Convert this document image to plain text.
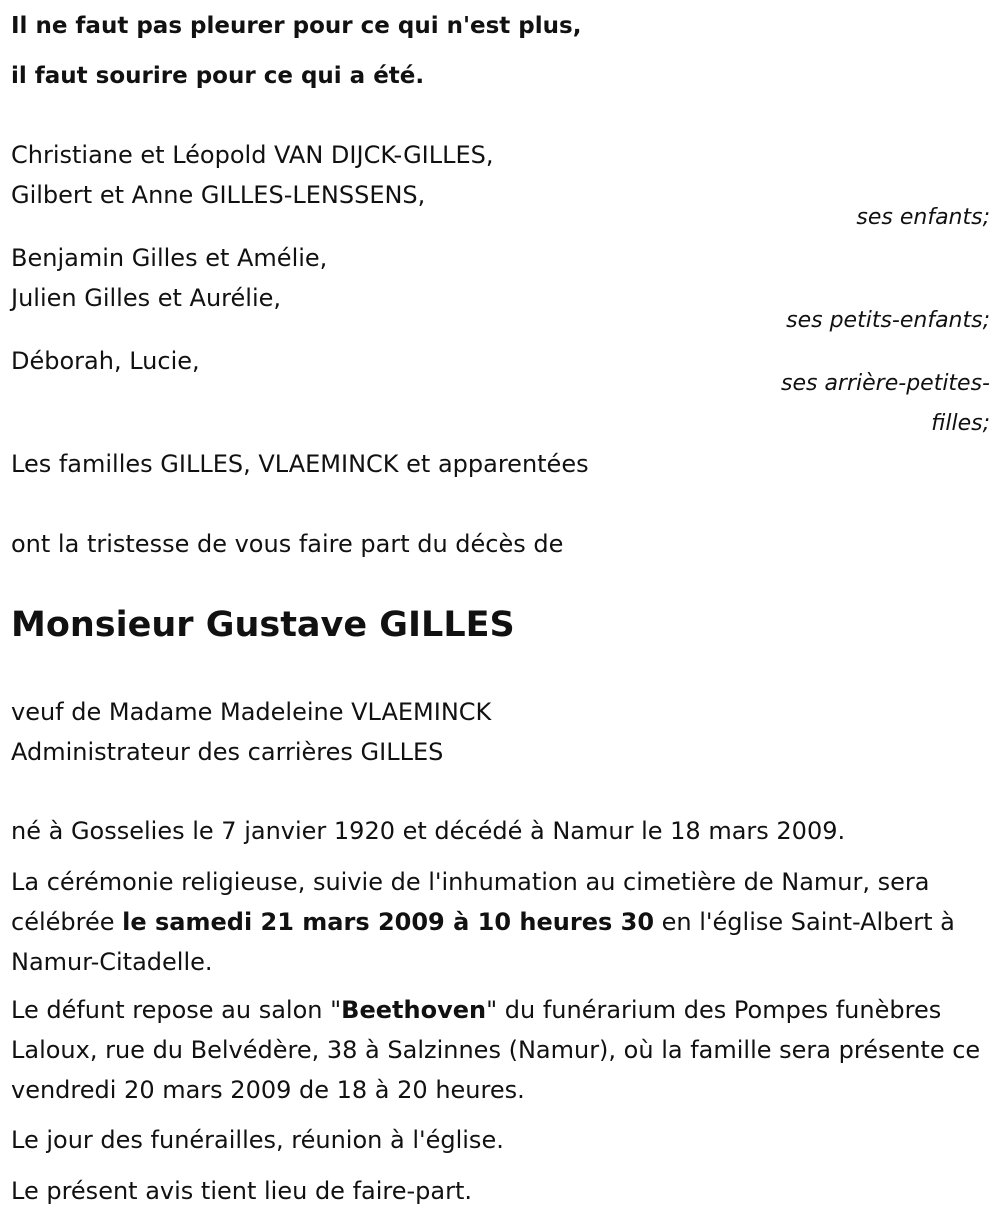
Il ne faut pas pleurer pour ce qui n'est plus,
il faut sourire pour ce qui a été.
Christiane et Léopold VAN DIJCK-GILLES,
Gilbert et Anne GILLES-LENSSENS,
ses enfants;
Benjamin Gilles et Amélie,
Julien Gilles et Aurélie,
ses petits-enfants;
Déborah, Lucie,
ses arrière-petites-
filles;
Les familles GILLES, VLAEMINCK et apparentées
ont la tristesse de vous faire part du décès de
Monsieur Gustave GILLES
veuf de Madame Madeleine VLAEMINCK
Administrateur des carrières GILLES
né à Gosselies le 7 janvier 1920 et décédé à Namur le 18 mars 2009.
La cérémonie religieuse, suivie de l'inhumation au cimetière de Namur, sera célébrée le samedi 21 mars 2009 à 10 heures 30 en l'église Saint-Albert à Namur-Citadelle.
Le défunt repose au salon "Beethoven" du funérarium des Pompes funèbres Laloux, rue du Belvédère, 38 à Salzinnes (Namur), où la famille sera présente ce vendredi 20 mars 2009 de 18 à 20 heures.
Le jour des funérailles, réunion à l'église.
Le présent avis tient lieu de faire-part.
